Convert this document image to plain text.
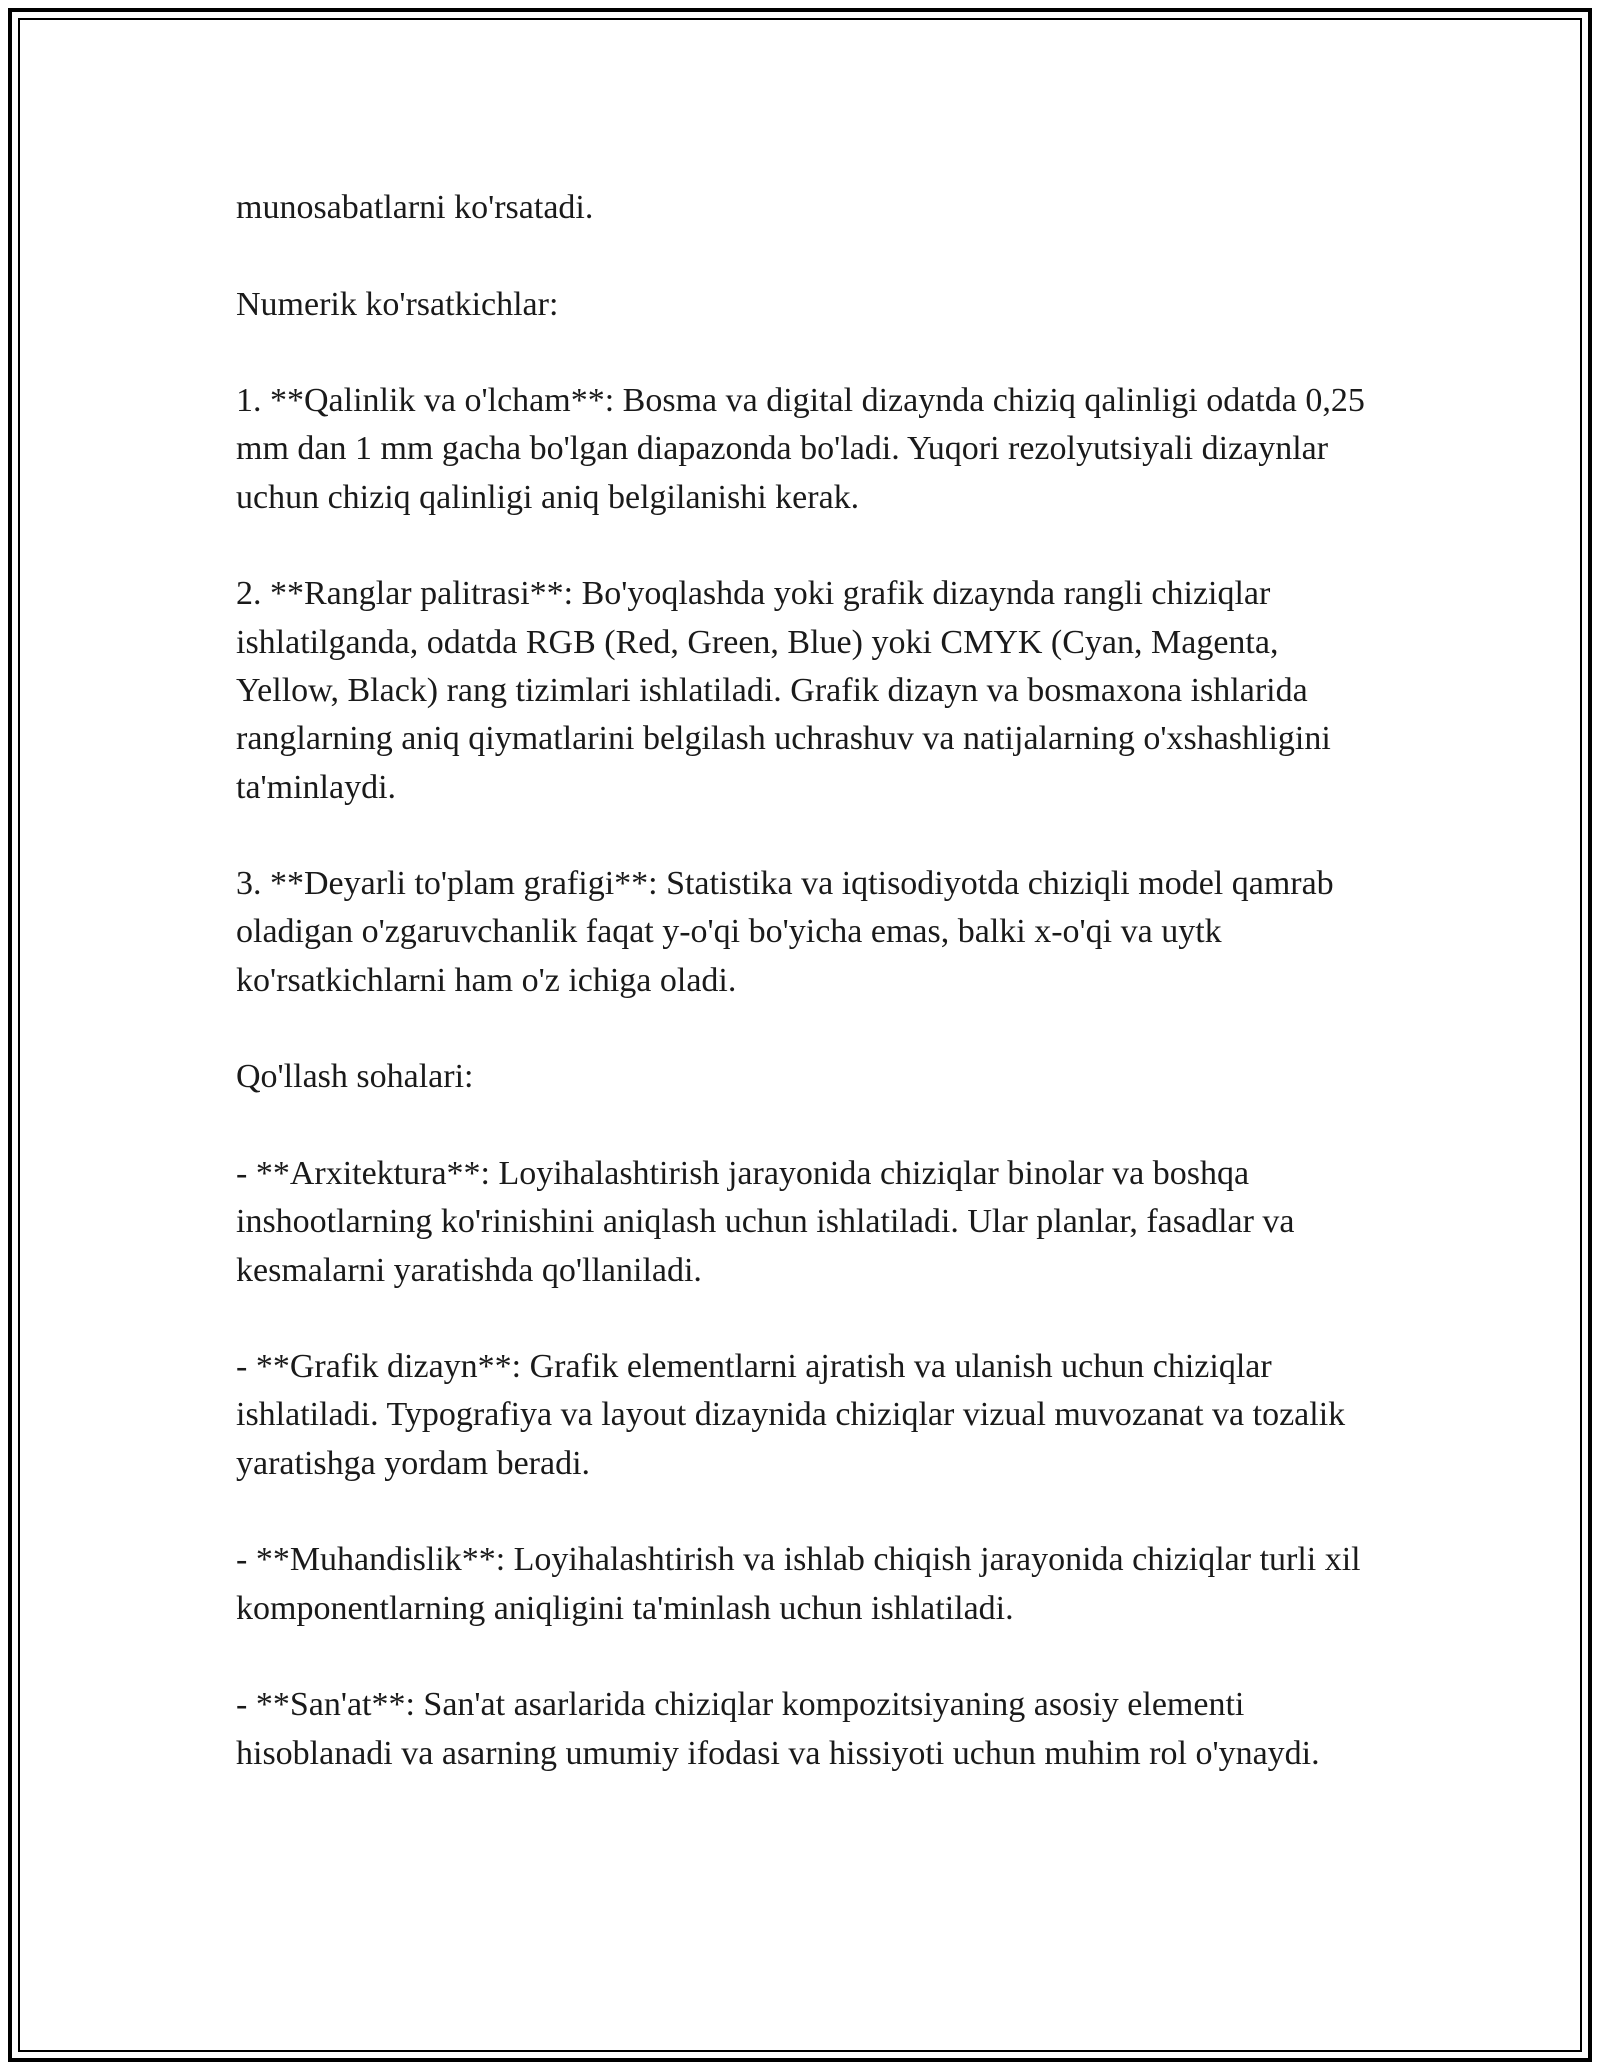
munosabatlarni ko'rsatadi.

Numerik ko'rsatkichlar:

1. **Qalinlik va o'lcham**: Bosma va digital dizaynda chiziq qalinligi odatda 0,25 mm dan 1 mm gacha bo'lgan diapazonda bo'ladi. Yuqori rezolyutsiyali dizaynlar uchun chiziq qalinligi aniq belgilanishi kerak.

2. **Ranglar palitrasi**: Bo'yoqlashda yoki grafik dizaynda rangli chiziqlar ishlatilganda, odatda RGB (Red, Green, Blue) yoki CMYK (Cyan, Magenta, Yellow, Black) rang tizimlari ishlatiladi. Grafik dizayn va bosmaxona ishlarida ranglarning aniq qiymatlarini belgilash uchrashuv va natijalarning o'xshashligini ta'minlaydi.

3. **Deyarli to'plam grafigi**: Statistika va iqtisodiyotda chiziqli model qamrab oladigan o'zgaruvchanlik faqat y-o'qi bo'yicha emas, balki x-o'qi va uytk ko'rsatkichlarni ham o'z ichiga oladi.

Qo'llash sohalari:

- **Arxitektura**: Loyihalashtirish jarayonida chiziqlar binolar va boshqa inshootlarning ko'rinishini aniqlash uchun ishlatiladi. Ular planlar, fasadlar va kesmalarni yaratishda qo'llaniladi.

- **Grafik dizayn**: Grafik elementlarni ajratish va ulanish uchun chiziqlar ishlatiladi. Typografiya va layout dizaynida chiziqlar vizual muvozanat va tozalik yaratishga yordam beradi.

- **Muhandislik**: Loyihalashtirish va ishlab chiqish jarayonida chiziqlar turli xil komponentlarning aniqligini ta'minlash uchun ishlatiladi.

- **San'at**: San'at asarlarida chiziqlar kompozitsiyaning asosiy elementi hisoblanadi va asarning umumiy ifodasi va hissiyoti uchun muhim rol o'ynaydi.
